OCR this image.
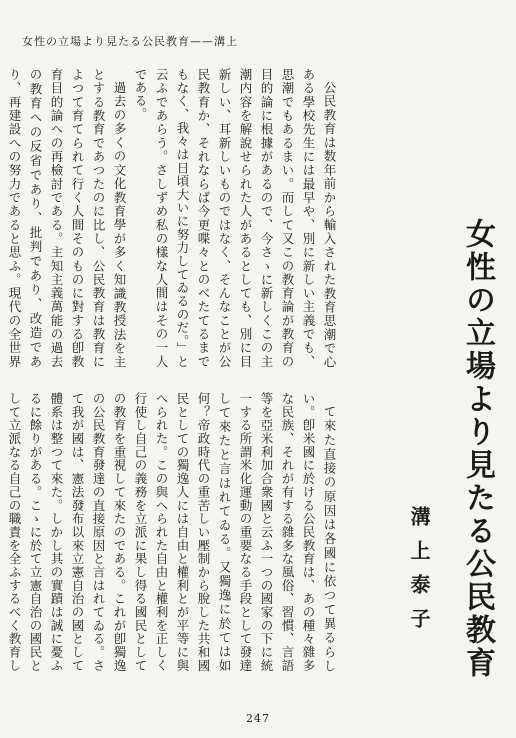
女性の立場より見たる公民教育——溝上

公民教育は数年前から輸入された教育思潮で心ある學校先生には最早や、別に新しい主義でも、思潮でもあるまい。而して又この教育論が教育の目的論に根據があるので、今さゝに新しくこの主潮内容を解說せられた人があるとしても、別に目新しい、耳新しいものではなく、そんなことが公民教育か、それならば今更喋々とのべたてるまでもなく、我々は日頃大いに努力してゐるのだ。」と云ふであらう。さしずめ私の樣な人間はその一人である。

過去の多くの文化教育學が多く知識教授法を主とする教育であつたのに比し、公民教育は教育によつて育てられて行く人間そのものに對する卽教育目的論への再檢討である。主知主義萬能の過去の教育への反省であり、批判であり、改造であり、再建設への努力であると思ふ。現代の全世界

て來た直接の原因は各國に依つて異るらしい。卽米國に於ける公民教育は、あの種々雜多な民族、それが有する雜多な風俗、習慣、言語等を亞米利加合衆國と云ふ一つの國家の下に統一する所謂米化運動の重要なる手段として發達して來たと言はれてゐる。又獨逸に於ては如何？帝政時代の重苦しい壓制から脫した共和國民としての獨逸人には自由と權利とが平等に與へられた。この與へられた自由と權利を正しく行使し自己の義務を立派に果し得る國民としての教育を重視して來たのである。これが卽獨逸の公民教育發達の直接原因と言はれてゐる。さて我が國は、憲法發布以來立憲自治の國として體系は整つて來た。しかし其の實蹟は誠に憂ふるに餘りがある。こゝに於て立憲自治の國民として立派なる自己の職責を全ふするべく教育し	女性の立場より見たる公民教育
溝上泰子
247
